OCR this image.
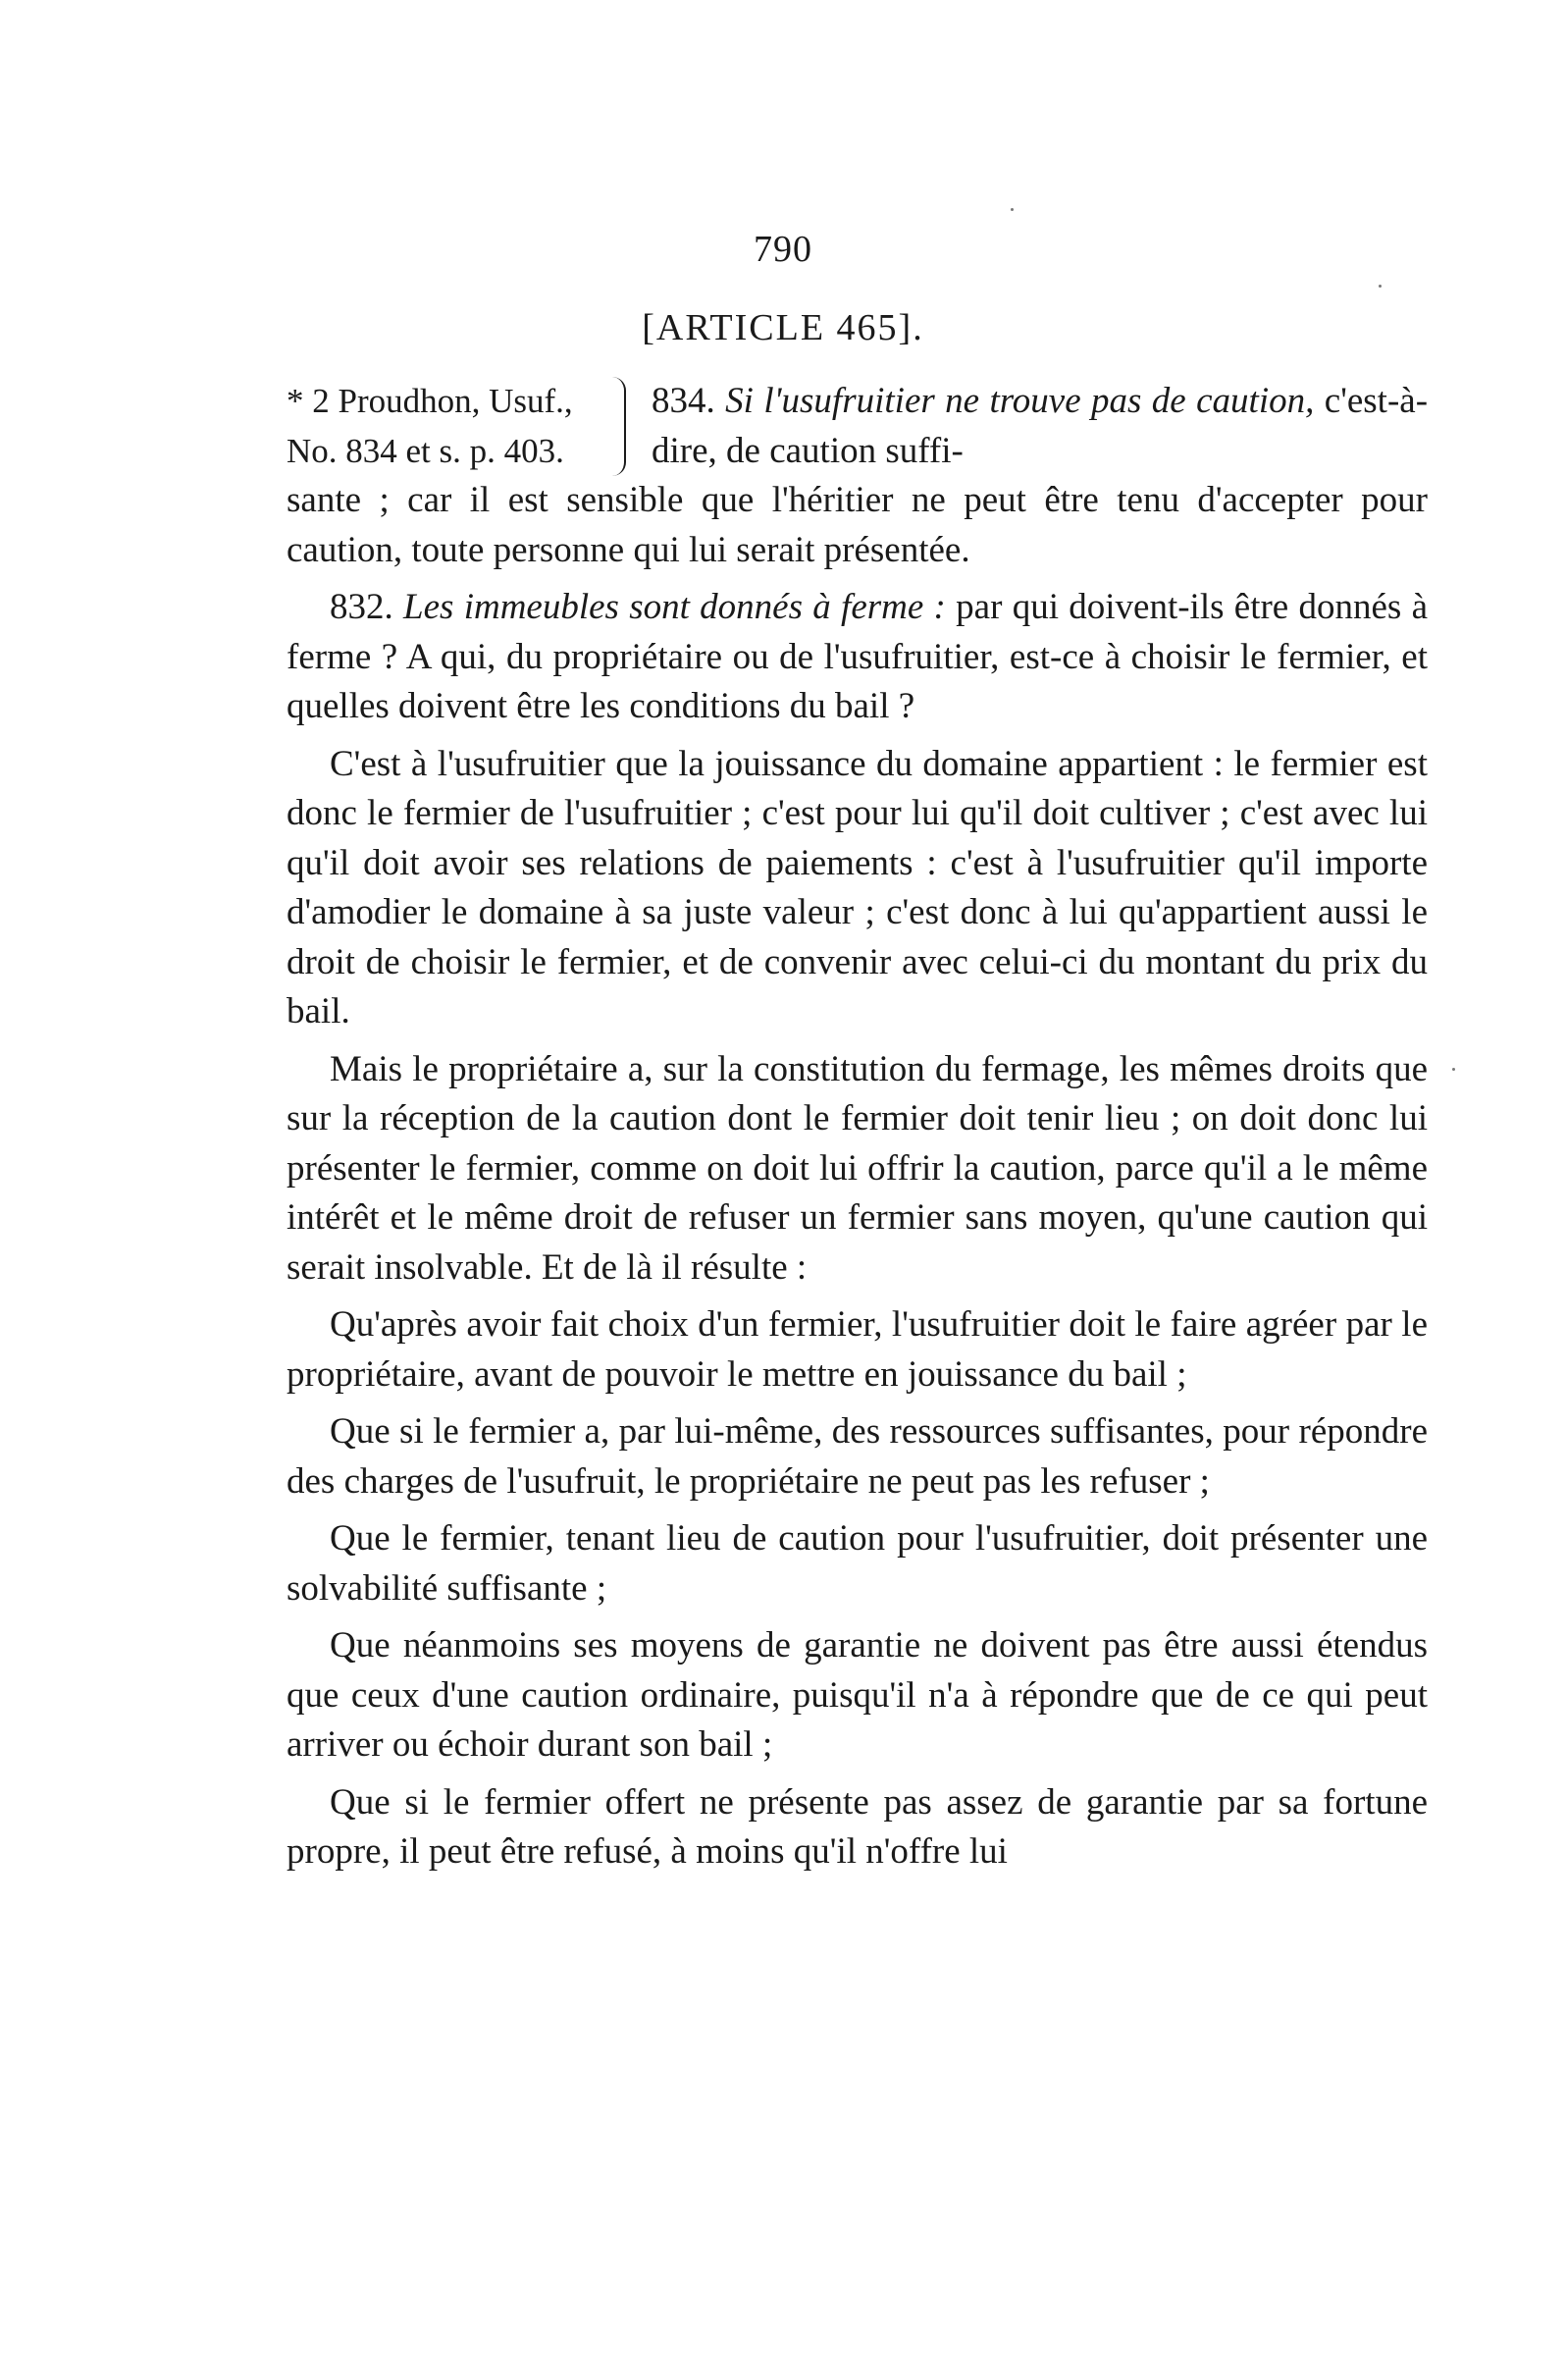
790
[ARTICLE 465].
* 2 Proudhon, Usuf.,
No. 834 et s. p. 403.
834. Si l'usufruitier ne trouve pas de caution, c'est-à-dire, de caution suffi-

sante ; car il est sensible que l'héritier ne peut être tenu d'accepter pour caution, toute personne qui lui serait présentée.

832. Les immeubles sont donnés à ferme : par qui doivent-ils être donnés à ferme ? A qui, du propriétaire ou de l'usufruitier, est-ce à choisir le fermier, et quelles doivent être les conditions du bail ?

C'est à l'usufruitier que la jouissance du domaine appartient : le fermier est donc le fermier de l'usufruitier ; c'est pour lui qu'il doit cultiver ; c'est avec lui qu'il doit avoir ses relations de paiements : c'est à l'usufruitier qu'il importe d'amodier le domaine à sa juste valeur ; c'est donc à lui qu'appartient aussi le droit de choisir le fermier, et de convenir avec celui-ci du montant du prix du bail.

Mais le propriétaire a, sur la constitution du fermage, les mêmes droits que sur la réception de la caution dont le fermier doit tenir lieu ; on doit donc lui présenter le fermier, comme on doit lui offrir la caution, parce qu'il a le même intérêt et le même droit de refuser un fermier sans moyen, qu'une caution qui serait insolvable. Et de là il résulte :

Qu'après avoir fait choix d'un fermier, l'usufruitier doit le faire agréer par le propriétaire, avant de pouvoir le mettre en jouissance du bail ;

Que si le fermier a, par lui-même, des ressources suffisantes, pour répondre des charges de l'usufruit, le propriétaire ne peut pas les refuser ;

Que le fermier, tenant lieu de caution pour l'usufruitier, doit présenter une solvabilité suffisante ;

Que néanmoins ses moyens de garantie ne doivent pas être aussi étendus que ceux d'une caution ordinaire, puisqu'il n'a à répondre que de ce qui peut arriver ou échoir durant son bail ;

Que si le fermier offert ne présente pas assez de garantie par sa fortune propre, il peut être refusé, à moins qu'il n'offre lui
